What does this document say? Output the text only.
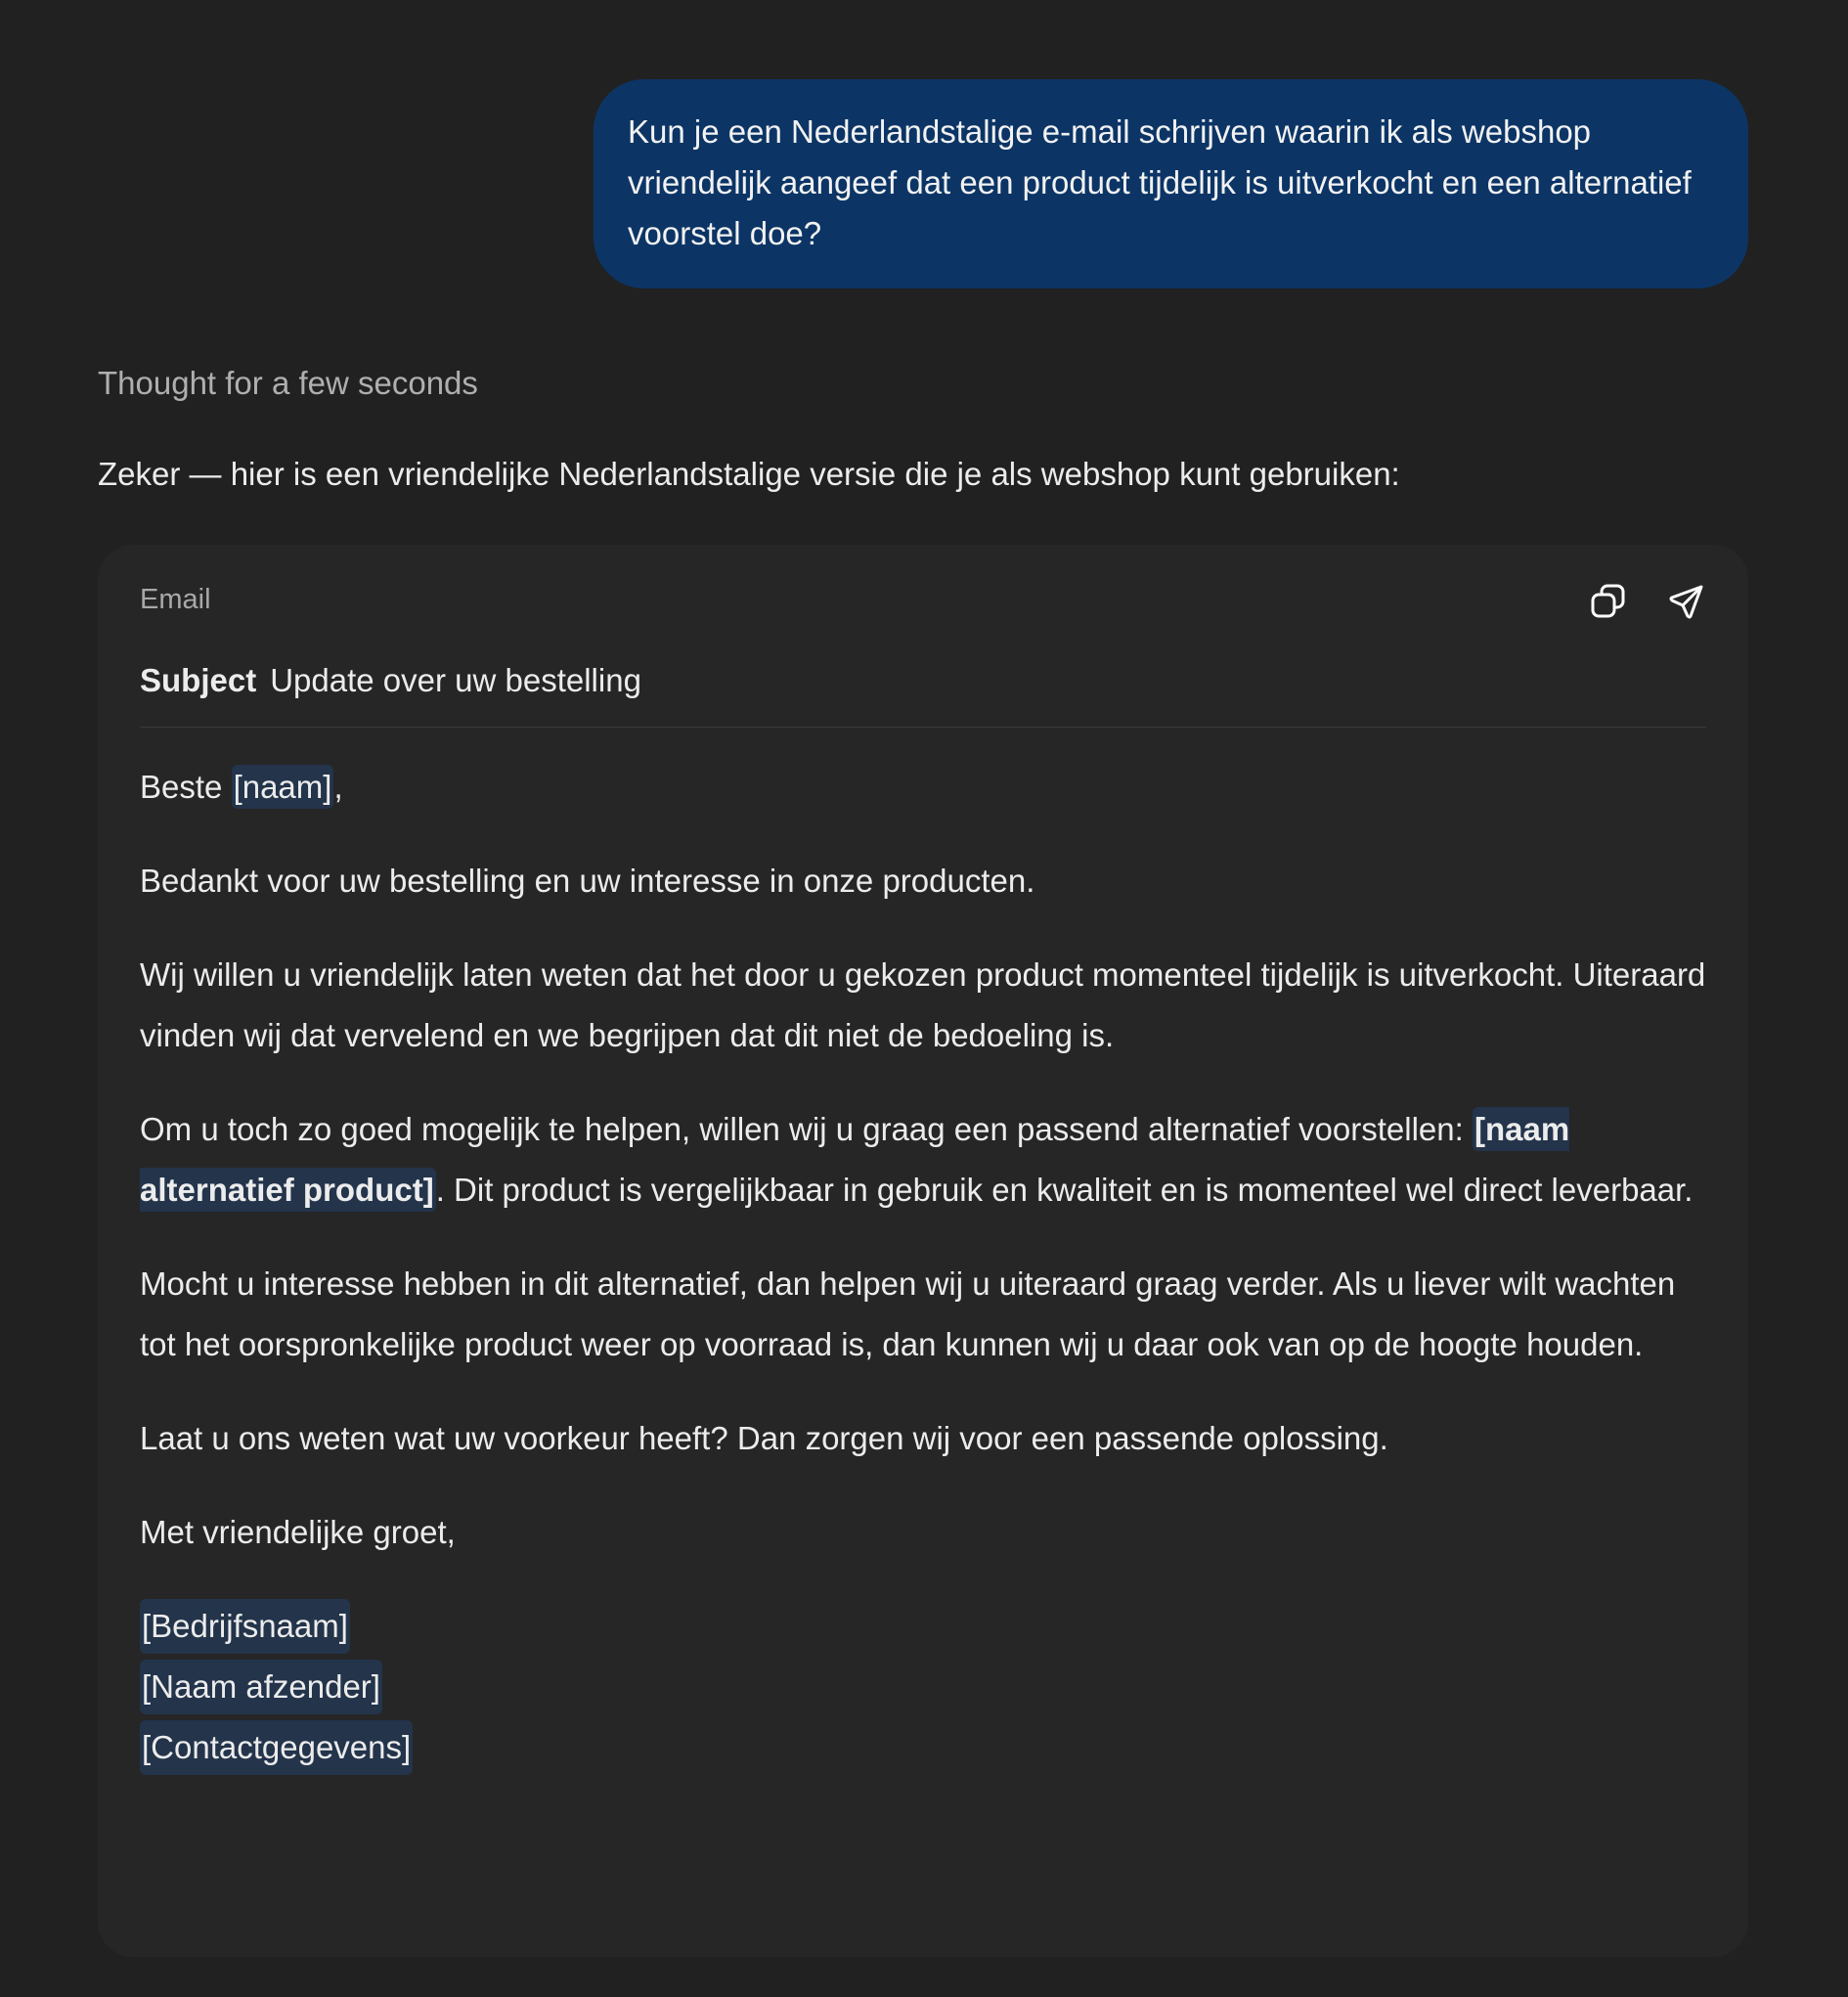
Kun je een Nederlandstalige e-mail schrijven waarin ik als webshop vriendelijk aangeef dat een product tijdelijk is uitverkocht en een alternatief voorstel doe?
Thought for a few seconds
Zeker — hier is een vriendelijke Nederlandstalige versie die je als webshop kunt gebruiken:
Email
Subject Update over uw bestelling

Beste [naam],

Bedankt voor uw bestelling en uw interesse in onze producten.

Wij willen u vriendelijk laten weten dat het door u gekozen product momenteel tijdelijk is uitverkocht. Uiteraard vinden wij dat vervelend en we begrijpen dat dit niet de bedoeling is.

Om u toch zo goed mogelijk te helpen, willen wij u graag een passend alternatief voorstellen: [naam alternatief product]. Dit product is vergelijkbaar in gebruik en kwaliteit en is momenteel wel direct leverbaar.

Mocht u interesse hebben in dit alternatief, dan helpen wij u uiteraard graag verder. Als u liever wilt wachten tot het oorspronkelijke product weer op voorraad is, dan kunnen wij u daar ook van op de hoogte houden.

Laat u ons weten wat uw voorkeur heeft? Dan zorgen wij voor een passende oplossing.

Met vriendelijke groet,

[Bedrijfsnaam]
[Naam afzender]
[Contactgegevens]
